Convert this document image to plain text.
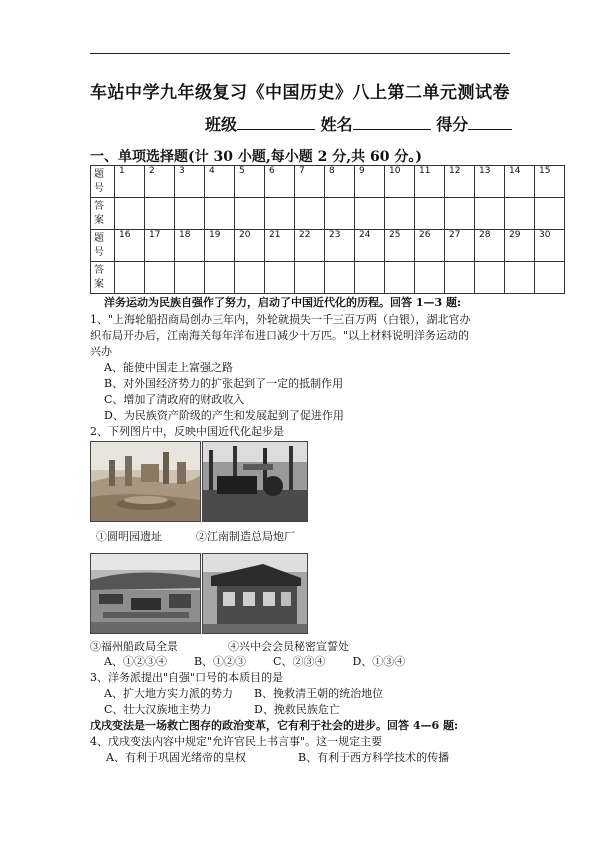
车站中学九年级复习《中国历史》八上第二单元测试卷
班级	姓名	得分
一、单项选择题(计 30 小题,每小题 2 分,共 60 分。)
题
号	1	2	3	4	5	6	7	8	9	10	11	12	13	14	15
答
案															
题
号	16	17	18	19	20	21	22	23	24	25	26	27	28	29	30
答
案															
洋务运动为民族自强作了努力，启动了中国近代化的历程。回答 1—3 题:
1、"上海轮船招商局创办三年内，外轮就损失一千三百万两（白银），湖北官办
织布局开办后，江南海关每年洋布进口减少十万匹。"以上材料说明洋务运动的
兴办
A、能使中国走上富强之路
B、对外国经济势力的扩张起到了一定的抵制作用
C、增加了清政府的财政收入
D、为民族资产阶级的产生和发展起到了促进作用
2、下列图片中，反映中国近代化起步是
①圆明园遗址	②江南制造总局炮厂
③福州船政局全景	④兴中会会员秘密宣誓处
A、①②③④ B、①②③ C、②③④ D、①③④
3、洋务派提出"自强"口号的本质目的是
A、扩大地方实力派的势力 B、挽救清王朝的统治地位
C、壮大汉族地主势力	D、挽救民族危亡
戊戌变法是一场救亡图存的政治变革，它有利于社会的进步。回答 4—6 题:
4、戊戌变法内容中规定"允许官民上书言事"。这一规定主要
A、有利于巩固光绪帝的皇权	B、有利于西方科学技术的传播
